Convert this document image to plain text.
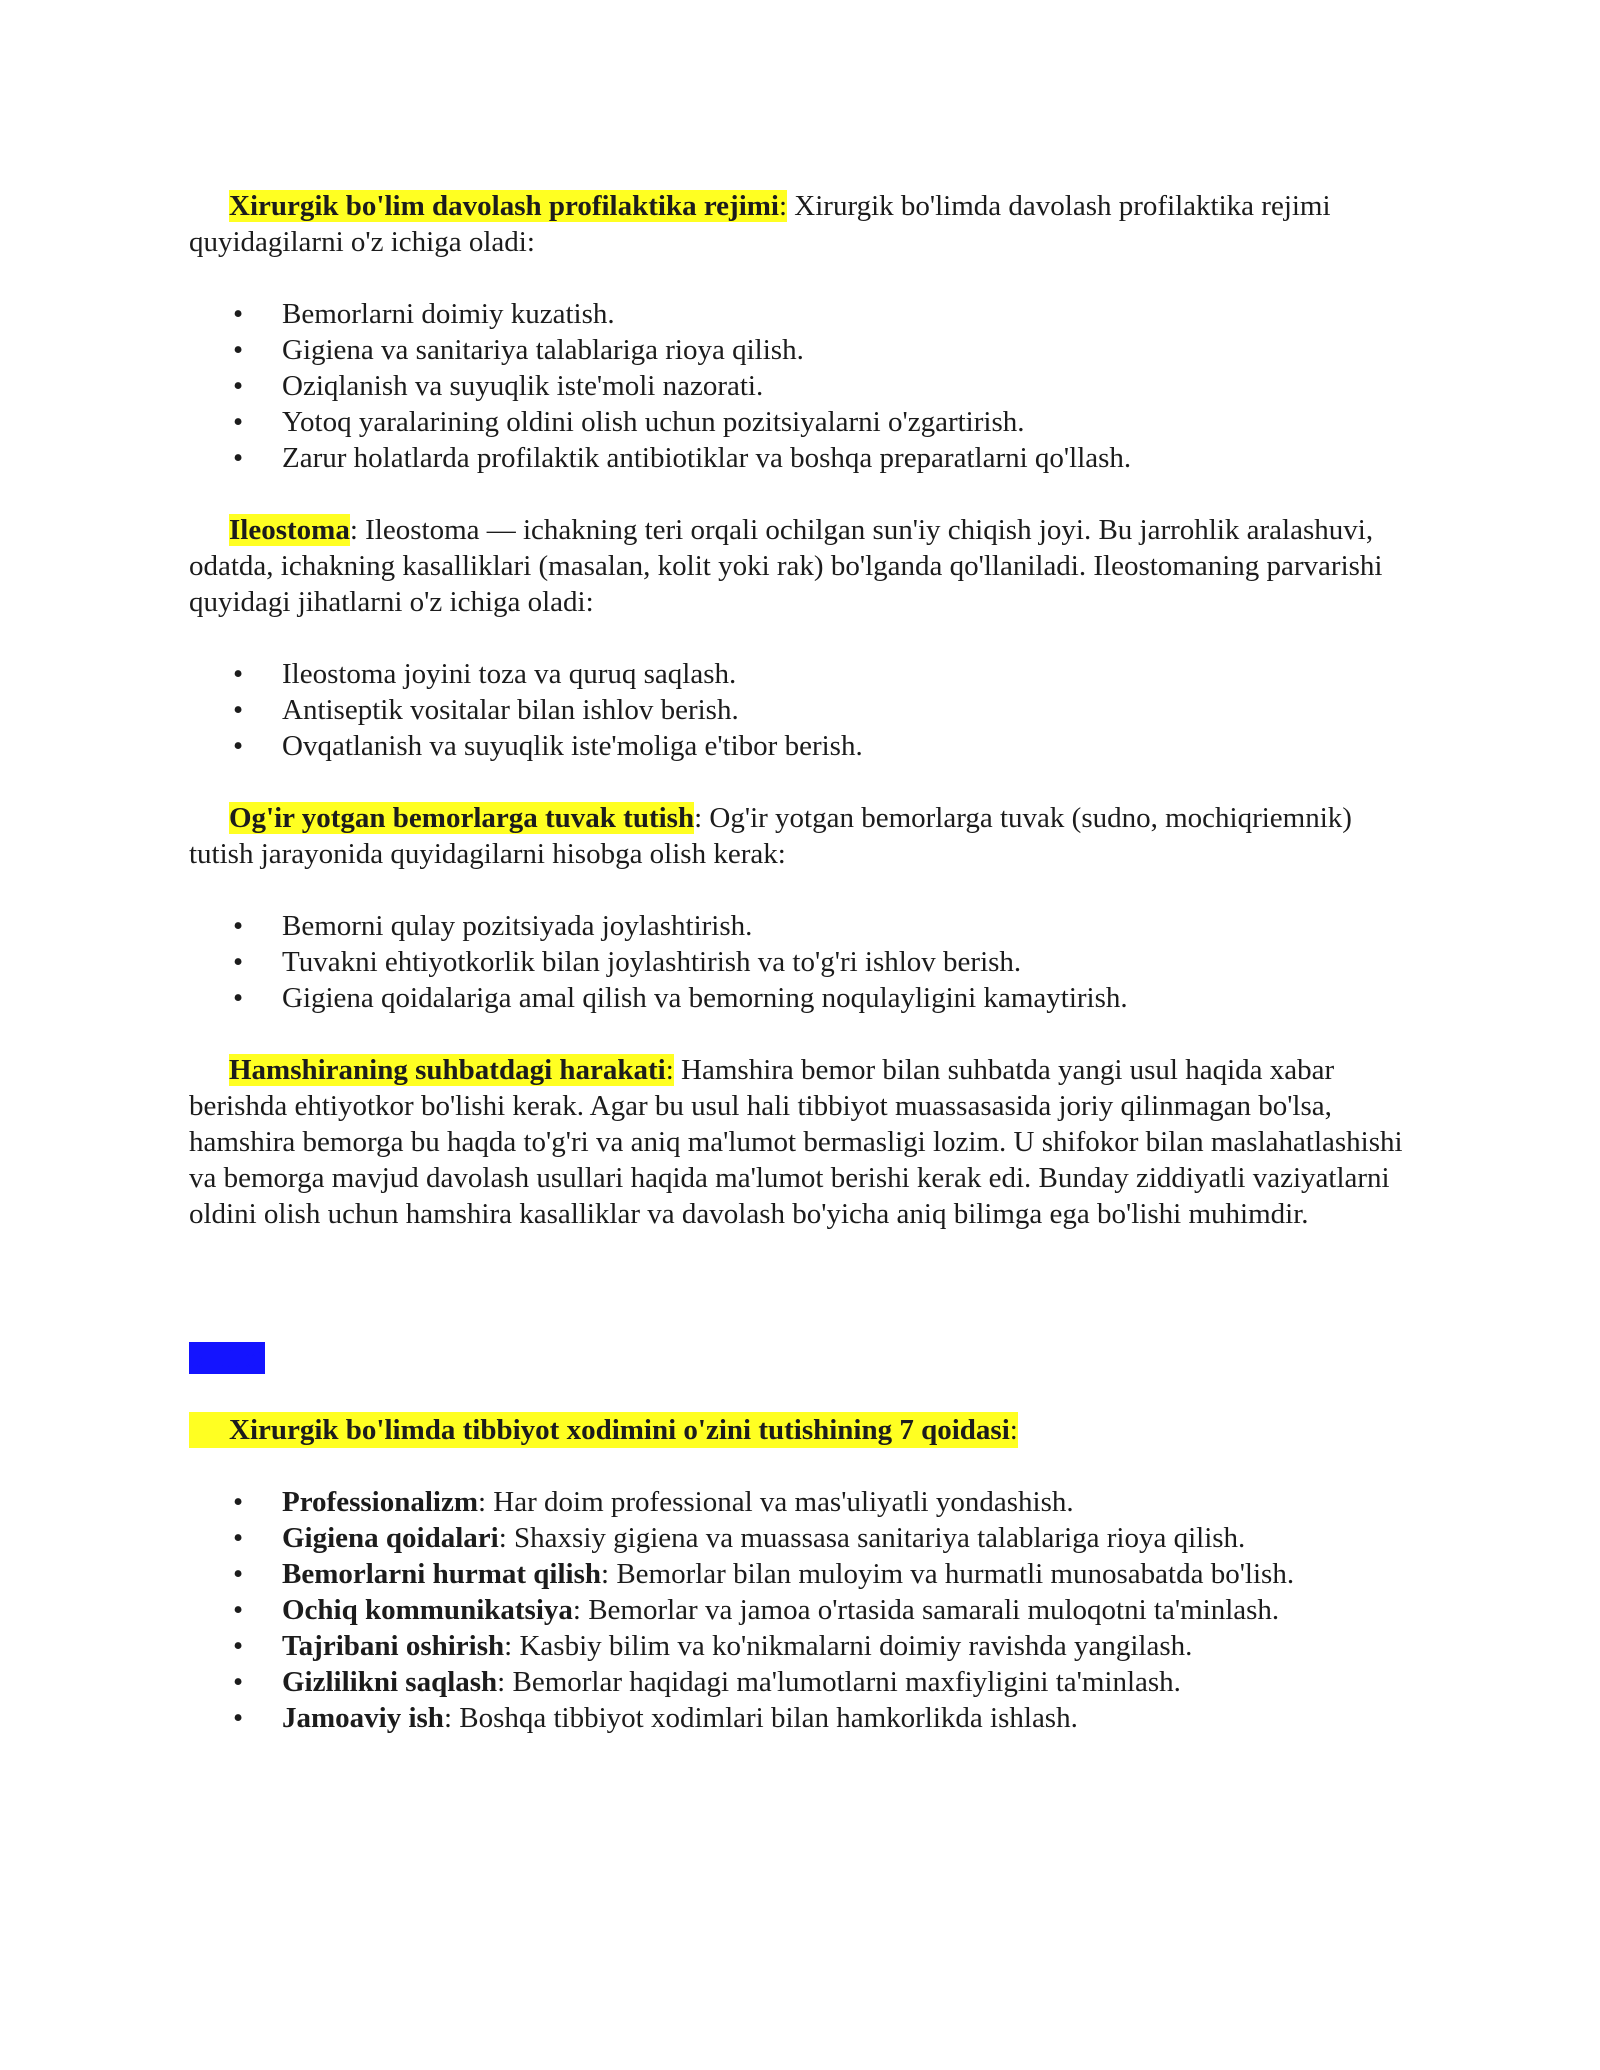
Xirurgik bo'lim davolash profilaktika rejimi: Xirurgik bo'limda davolash profilaktika rejimi quyidagilarni o'z ichiga oladi:

• Bemorlarni doimiy kuzatish.
• Gigiena va sanitariya talablariga rioya qilish.
• Oziqlanish va suyuqlik iste'moli nazorati.
• Yotoq yaralarining oldini olish uchun pozitsiyalarni o'zgartirish.
• Zarur holatlarda profilaktik antibiotiklar va boshqa preparatlarni qo'llash.

Ileostoma: Ileostoma — ichakning teri orqali ochilgan sun'iy chiqish joyi. Bu jarrohlik aralashuvi, odatda, ichakning kasalliklari (masalan, kolit yoki rak) bo'lganda qo'llaniladi. Ileostomaning parvarishi quyidagi jihatlarni o'z ichiga oladi:

• Ileostoma joyini toza va quruq saqlash.
• Antiseptik vositalar bilan ishlov berish.
• Ovqatlanish va suyuqlik iste'moliga e'tibor berish.

Og'ir yotgan bemorlarga tuvak tutish: Og'ir yotgan bemorlarga tuvak (sudno, mochiqriemnik) tutish jarayonida quyidagilarni hisobga olish kerak:

• Bemorni qulay pozitsiyada joylashtirish.
• Tuvakni ehtiyotkorlik bilan joylashtirish va to'g'ri ishlov berish.
• Gigiena qoidalariga amal qilish va bemorning noqulayligini kamaytirish.

Hamshiraning suhbatdagi harakati: Hamshira bemor bilan suhbatda yangi usul haqida xabar berishda ehtiyotkor bo'lishi kerak. Agar bu usul hali tibbiyot muassasasida joriy qilinmagan bo'lsa, hamshira bemorga bu haqda to'g'ri va aniq ma'lumot bermasligi lozim. U shifokor bilan maslahatlashishi va bemorga mavjud davolash usullari haqida ma'lumot berishi kerak edi. Bunday ziddiyatli vaziyatlarni oldini olish uchun hamshira kasalliklar va davolash bo'yicha aniq bilimga ega bo'lishi muhimdir.

5-bilet

Xirurgik bo'limda tibbiyot xodimini o'zini tutishining 7 qoidasi:

• Professionalizm: Har doim professional va mas'uliyatli yondashish.
• Gigiena qoidalari: Shaxsiy gigiena va muassasa sanitariya talablariga rioya qilish.
• Bemorlarni hurmat qilish: Bemorlar bilan muloyim va hurmatli munosabatda bo'lish.
• Ochiq kommunikatsiya: Bemorlar va jamoa o'rtasida samarali muloqotni ta'minlash.
• Tajribani oshirish: Kasbiy bilim va ko'nikmalarni doimiy ravishda yangilash.
• Gizlilikni saqlash: Bemorlar haqidagi ma'lumotlarni maxfiyligini ta'minlash.
• Jamoaviy ish: Boshqa tibbiyot xodimlari bilan hamkorlikda ishlash.
